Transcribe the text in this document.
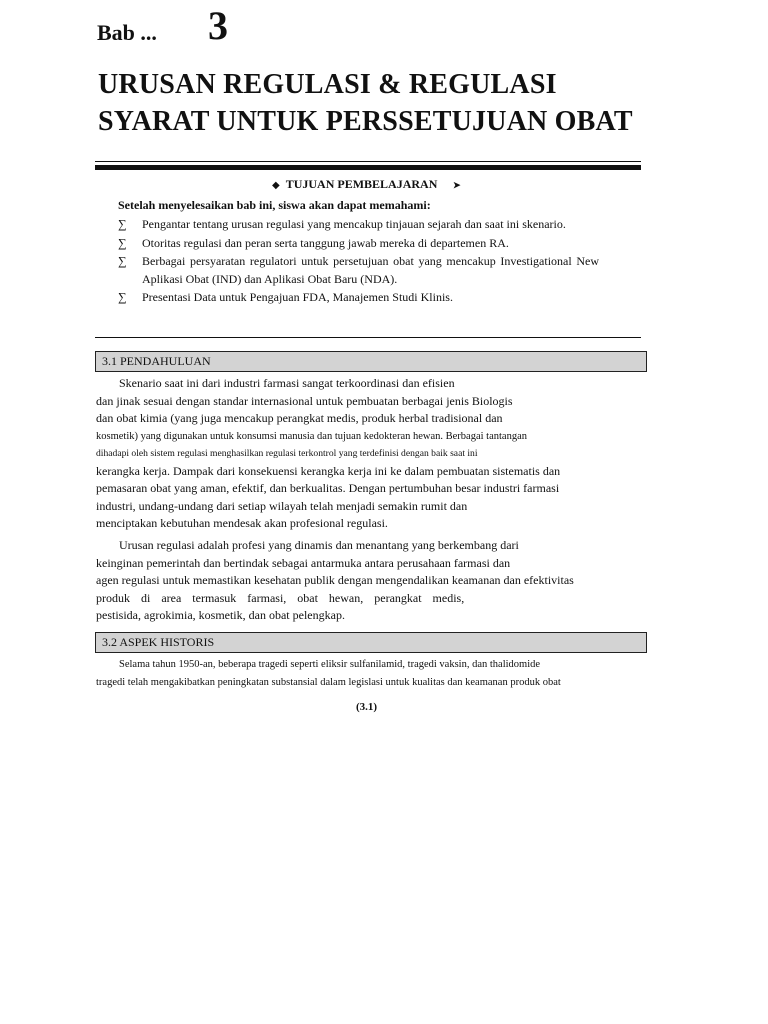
Bab ... 3
URUSAN REGULASI & REGULASI
SYARAT UNTUK PERSSETUJUAN OBAT
◆ TUJUAN PEMBELAJARAN ➤
Setelah menyelesaikan bab ini, siswa akan dapat memahami:
∑ Pengantar tentang urusan regulasi yang mencakup tinjauan sejarah dan saat ini skenario.
∑ Otoritas regulasi dan peran serta tanggung jawab mereka di departemen RA.
∑ Berbagai persyaratan regulatori untuk persetujuan obat yang mencakup Investigational New Aplikasi Obat (IND) dan Aplikasi Obat Baru (NDA).
∑ Presentasi Data untuk Pengajuan FDA, Manajemen Studi Klinis.
3.1 PENDAHULUAN
Skenario saat ini dari industri farmasi sangat terkoordinasi dan efisien
dan jinak sesuai dengan standar internasional untuk pembuatan berbagai jenis Biologis
dan obat kimia (yang juga mencakup perangkat medis, produk herbal tradisional dan
kosmetik) yang digunakan untuk konsumsi manusia dan tujuan kedokteran hewan. Berbagai tantangan
dihadapi oleh sistem regulasi menghasilkan regulasi terkontrol yang terdefinisi dengan baik saat ini
kerangka kerja. Dampak dari konsekuensi kerangka kerja ini ke dalam pembuatan sistematis dan
pemasaran obat yang aman, efektif, dan berkualitas. Dengan pertumbuhan besar industri farmasi
industri, undang-undang dari setiap wilayah telah menjadi semakin rumit dan
menciptakan kebutuhan mendesak akan profesional regulasi.
Urusan regulasi adalah profesi yang dinamis dan menantang yang berkembang dari
keinginan pemerintah dan bertindak sebagai antarmuka antara perusahaan farmasi dan
agen regulasi untuk memastikan kesehatan publik dengan mengendalikan keamanan dan efektivitas
produk di area termasuk farmasi, obat hewan, perangkat medis,
pestisida, agrokimia, kosmetik, dan obat pelengkap.
3.2 ASPEK HISTORIS
Selama tahun 1950-an, beberapa tragedi seperti eliksir sulfanilamid, tragedi vaksin, dan thalidomide
tragedi telah mengakibatkan peningkatan substansial dalam legislasi untuk kualitas dan keamanan produk obat
(3.1)
